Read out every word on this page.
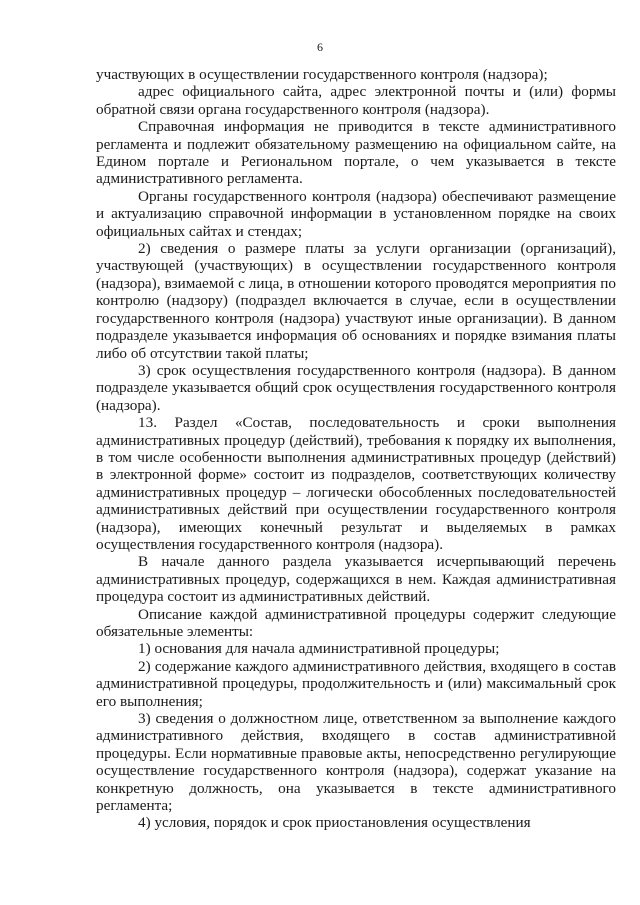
6

участвующих в осуществлении государственного контроля (надзора);

адрес официального сайта, адрес электронной почты и (или) формы обратной связи органа государственного контроля (надзора).

Справочная информация не приводится в тексте административного регламента и подлежит обязательному размещению на официальном сайте, на Едином портале и Региональном портале, о чем указывается в тексте административного регламента.

Органы государственного контроля (надзора) обеспечивают размещение и актуализацию справочной информации в установленном порядке на своих официальных сайтах и стендах;

2) сведения о размере платы за услуги организации (организаций), участвующей (участвующих) в осуществлении государственного контроля (надзора), взимаемой с лица, в отношении которого проводятся мероприятия по контролю (надзору) (подраздел включается в случае, если в осуществлении государственного контроля (надзора) участвуют иные организации). В данном подразделе указывается информация об основаниях и порядке взимания платы либо об отсутствии такой платы;

3) срок осуществления государственного контроля (надзора). В данном подразделе указывается общий срок осуществления государственного контроля (надзора).

13. Раздел «Состав, последовательность и сроки выполнения административных процедур (действий), требования к порядку их выполнения, в том числе особенности выполнения административных процедур (действий) в электронной форме» состоит из подразделов, соответствующих количеству административных процедур – логически обособленных последовательностей административных действий при осуществлении государственного контроля (надзора), имеющих конечный результат и выделяемых в рамках осуществления государственного контроля (надзора).

В начале данного раздела указывается исчерпывающий перечень административных процедур, содержащихся в нем. Каждая административная процедура состоит из административных действий.

Описание каждой административной процедуры содержит следующие обязательные элементы:

1) основания для начала административной процедуры;

2) содержание каждого административного действия, входящего в состав административной процедуры, продолжительность и (или) максимальный срок его выполнения;

3) сведения о должностном лице, ответственном за выполнение каждого административного действия, входящего в состав административной процедуры. Если нормативные правовые акты, непосредственно регулирующие осуществление государственного контроля (надзора), содержат указание на конкретную должность, она указывается в тексте административного регламента;

4) условия, порядок и срок приостановления осуществления
